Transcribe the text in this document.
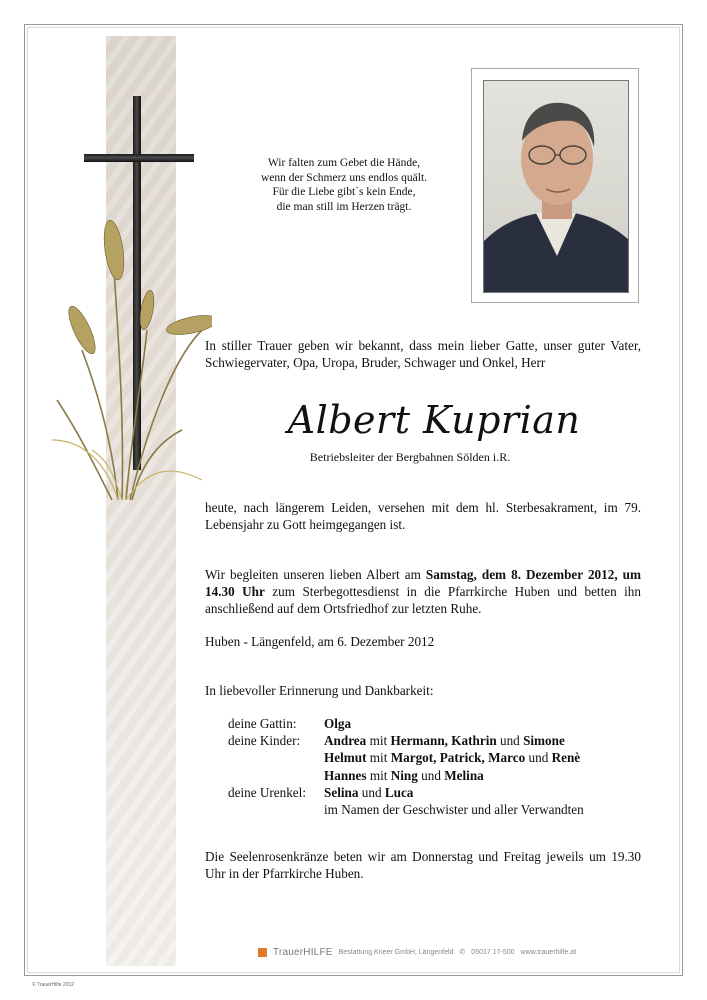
Wir falten zum Gebet die Hände,
wenn der Schmerz uns endlos quält.
Für die Liebe gibt`s kein Ende,
die man still im Herzen trägt.
In stiller Trauer geben wir bekannt, dass mein lieber Gatte, unser guter Vater, Schwiegervater, Opa, Uropa, Bruder, Schwager und Onkel, Herr
Albert Kuprian
Betriebsleiter der Bergbahnen Sölden i.R.
heute, nach längerem Leiden, versehen mit dem hl. Sterbesakrament, im 79. Lebensjahr zu Gott heimgegangen ist.
Wir begleiten unseren lieben Albert am Samstag, dem 8. Dezember 2012, um 14.30 Uhr zum Sterbegottesdienst in die Pfarrkirche Huben und betten ihn anschließend auf dem Ortsfriedhof zur letzten Ruhe.
Huben - Längenfeld, am 6. Dezember 2012
In liebevoller Erinnerung und Dankbarkeit:
deine Gattin:	Olga
deine Kinder:	Andrea mit Hermann, Kathrin und Simone
Helmut mit Margot, Patrick, Marco und Renè
Hannes mit Ning und Melina
deine Urenkel:	Selina und Luca
im Namen der Geschwister und aller Verwandten
Die Seelenrosenkränze beten wir am Donnerstag und Freitag jeweils um 19.30 Uhr in der Pfarrkirche Huben.
TrauerHILFE Bestattung Kneer GmbH, Längenfeld ✆ 05017 17-500 www.trauerhilfe.at
© TrauerHilfe 2012
